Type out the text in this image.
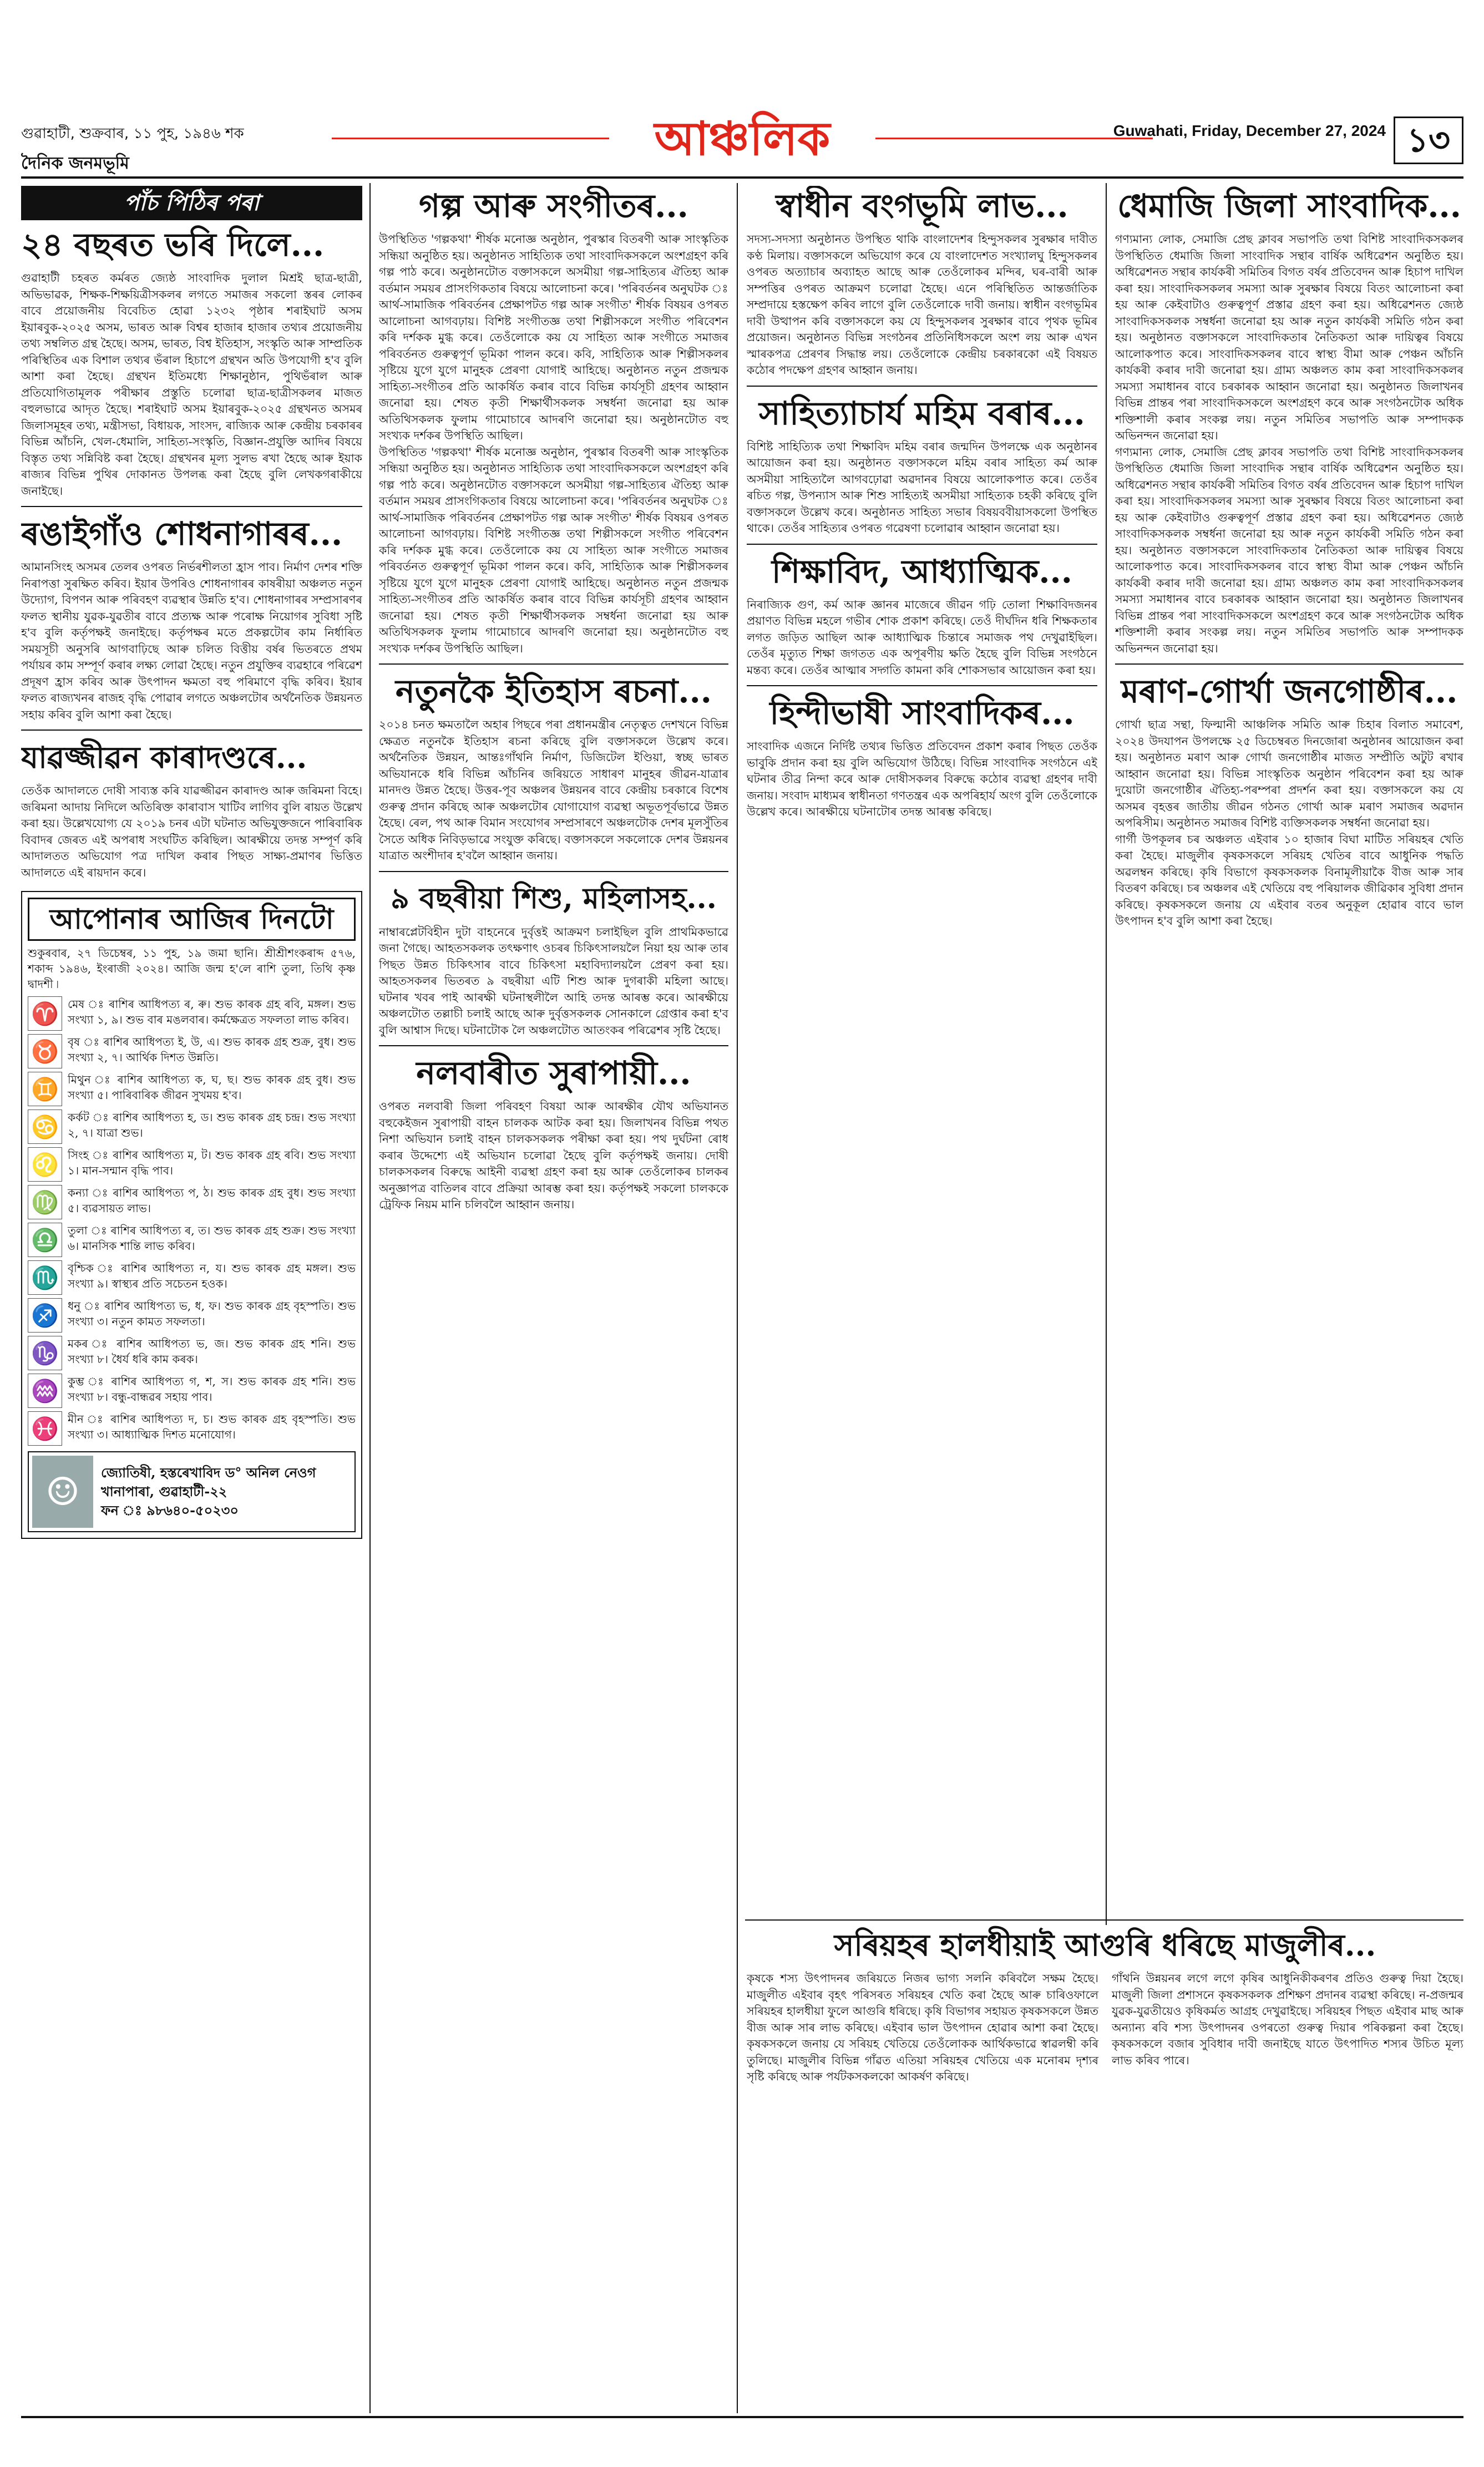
গুৱাহাটী, শুক্ৰবাৰ, ১১ পুহ, ১৯৪৬ শক
দৈনিক জনমভূমি	আঞ্চলিক	Guwahati, Friday, December 27, 2024 ১৩
পাঁচ পিঠিৰ পৰা
২৪ বছৰত ভৰি দিলে...

গুৱাহাটী চহৰত কৰ্মৰত জ্যেষ্ঠ সাংবাদিক দুলাল মিশ্ৰই ছাত্ৰ-ছাত্ৰী, অভিভাৱক, শিক্ষক-শিক্ষয়িত্ৰীসকলৰ লগতে সমাজৰ সকলো স্তৰৰ লোকৰ বাবে প্ৰয়োজনীয় বিবেচিত হোৱা ১২৩২ পৃষ্ঠাৰ শৰাইঘাট অসম ইয়াৰবুক-২০২৫ অসম, ভাৰত আৰু বিশ্বৰ হাজাৰ হাজাৰ তথ্যৰ প্ৰয়োজনীয় তথ্য সম্বলিত গ্ৰন্থ হৈছে। অসম, ভাৰত, বিশ্ব ইতিহাস, সংস্কৃতি আৰু সাম্প্ৰতিক পৰিস্থিতিৰ এক বিশাল তথ্যৰ ভঁৰাল হিচাপে গ্ৰন্থখন অতি উপযোগী হ'ব বুলি আশা কৰা হৈছে। গ্ৰন্থখন ইতিমধ্যে শিক্ষানুষ্ঠান, পুথিভঁৰাল আৰু প্ৰতিযোগিতামূলক পৰীক্ষাৰ প্ৰস্তুতি চলোৱা ছাত্ৰ-ছাত্ৰীসকলৰ মাজত বহুলভাৱে আদৃত হৈছে। শৰাইঘাট অসম ইয়াৰবুক-২০২৫ গ্ৰন্থখনত অসমৰ জিলাসমূহৰ তথ্য, মন্ত্ৰীসভা, বিধায়ক, সাংসদ, ৰাজ্যিক আৰু কেন্দ্ৰীয় চৰকাৰৰ বিভিন্ন আঁচনি, খেল-ধেমালি, সাহিত্য-সংস্কৃতি, বিজ্ঞান-প্ৰযুক্তি আদিৰ বিষয়ে বিস্তৃত তথ্য সন্নিবিষ্ট কৰা হৈছে। গ্ৰন্থখনৰ মূল্য সুলভ ৰখা হৈছে আৰু ইয়াক ৰাজ্যৰ বিভিন্ন পুথিৰ দোকানত উপলব্ধ কৰা হৈছে বুলি লেখকগৰাকীয়ে জনাইছে।

ৰঙাইগাঁও শোধনাগাৰৰ...

আমানসিংহ অসমৰ তেলৰ ওপৰত নিৰ্ভৰশীলতা হ্ৰাস পাব। নিৰ্মাণ দেশৰ শক্তি নিৰাপত্তা সুৰক্ষিত কৰিব। ইয়াৰ উপৰিও শোধনাগাৰৰ কাষৰীয়া অঞ্চলত নতুন উদ্যোগ, বিপণন আৰু পৰিবহণ ব্যৱস্থাৰ উন্নতি হ'ব। শোধনাগাৰৰ সম্প্ৰসাৰণৰ ফলত স্থানীয় যুৱক-যুৱতীৰ বাবে প্ৰত্যক্ষ আৰু পৰোক্ষ নিয়োগৰ সুবিধা সৃষ্টি হ'ব বুলি কৰ্তৃপক্ষই জনাইছে। কৰ্তৃপক্ষৰ মতে প্ৰকল্পটোৰ কাম নিৰ্ধাৰিত সময়সূচী অনুসৰি আগবাঢ়িছে আৰু চলিত বিত্তীয় বৰ্ষৰ ভিতৰতে প্ৰথম পৰ্যায়ৰ কাম সম্পূৰ্ণ কৰাৰ লক্ষ্য লোৱা হৈছে। নতুন প্ৰযুক্তিৰ ব্যৱহাৰে পৰিৱেশ প্ৰদূষণ হ্ৰাস কৰিব আৰু উৎপাদন ক্ষমতা বহু পৰিমাণে বৃদ্ধি কৰিব। ইয়াৰ ফলত ৰাজ্যখনৰ ৰাজহ বৃদ্ধি পোৱাৰ লগতে অঞ্চলটোৰ অৰ্থনৈতিক উন্নয়নত সহায় কৰিব বুলি আশা কৰা হৈছে।

যাৱজ্জীৱন কাৰাদণ্ডৰে...

তেওঁক আদালতে দোষী সাব্যস্ত কৰি যাৱজ্জীৱন কাৰাদণ্ড আৰু জৰিমনা বিহে। জৰিমনা আদায় নিদিলে অতিৰিক্ত কাৰাবাস খাটিব লাগিব বুলি ৰায়ত উল্লেখ কৰা হয়। উল্লেখযোগ্য যে ২০১৯ চনৰ এটা ঘটনাত অভিযুক্তজনে পাৰিবাৰিক বিবাদৰ জেৰত এই অপৰাধ সংঘটিত কৰিছিল। আৰক্ষীয়ে তদন্ত সম্পূৰ্ণ কৰি আদালতত অভিযোগ পত্ৰ দাখিল কৰাৰ পিছত সাক্ষ্য-প্ৰমাণৰ ভিত্তিত আদালতে এই ৰায়দান কৰে।

আপোনাৰ আজিৰ দিনটো

শুকুৰবাৰ, ২৭ ডিচেম্বৰ, ১১ পুহ, ১৯ জমা ছানি। শ্ৰীশ্ৰীশংকৰাব্দ ৫৭৬, শকাব্দ ১৯৪৬, ইংৰাজী ২০২৪। আজি জন্ম হ'লে ৰাশি তুলা, তিথি কৃষ্ণ দ্বাদশী ৷

♈ মেষ ঃ ৰাশিৰ আধিপত্য ৰ, ৰু। শুভ কাৰক গ্ৰহ ৰবি, মঙ্গল। শুভ সংখ্যা ১, ৯। শুভ বাৰ মঙলবাৰ। কৰ্মক্ষেত্ৰত সফলতা লাভ কৰিব।

♉ বৃষ ঃ ৰাশিৰ আধিপত্য ই, উ, এ। শুভ কাৰক গ্ৰহ শুক্ৰ, বুধ। শুভ সংখ্যা ২, ৭। আৰ্থিক দিশত উন্নতি।

♊ মিথুন ঃ ৰাশিৰ আধিপত্য ক, ঘ, ছ। শুভ কাৰক গ্ৰহ বুধ। শুভ সংখ্যা ৫। পাৰিবাৰিক জীৱন সুখময় হ'ব।

♋ কৰ্কট ঃ ৰাশিৰ আধিপত্য হ, ড। শুভ কাৰক গ্ৰহ চন্দ্ৰ। শুভ সংখ্যা ২, ৭। যাত্ৰা শুভ।

♌ সিংহ ঃ ৰাশিৰ আধিপত্য ম, ট। শুভ কাৰক গ্ৰহ ৰবি। শুভ সংখ্যা ১। মান-সন্মান বৃদ্ধি পাব।

♍ কন্যা ঃ ৰাশিৰ আধিপত্য প, ঠ। শুভ কাৰক গ্ৰহ বুধ। শুভ সংখ্যা ৫। ব্যৱসায়ত লাভ।

♎ তুলা ঃ ৰাশিৰ আধিপত্য ৰ, ত। শুভ কাৰক গ্ৰহ শুক্ৰ। শুভ সংখ্যা ৬। মানসিক শান্তি লাভ কৰিব।

♏ বৃশ্চিক ঃ ৰাশিৰ আধিপত্য ন, য। শুভ কাৰক গ্ৰহ মঙ্গল। শুভ সংখ্যা ৯। স্বাস্থ্যৰ প্ৰতি সচেতন হওক।

♐ ধনু ঃ ৰাশিৰ আধিপত্য ভ, ধ, ফ। শুভ কাৰক গ্ৰহ বৃহস্পতি। শুভ সংখ্যা ৩। নতুন কামত সফলতা।

♑ মকৰ ঃ ৰাশিৰ আধিপত্য ভ, জ। শুভ কাৰক গ্ৰহ শনি। শুভ সংখ্যা ৮। ধৈৰ্য ধৰি কাম কৰক।

♒ কুম্ভ ঃ ৰাশিৰ আধিপত্য গ, শ, স। শুভ কাৰক গ্ৰহ শনি। শুভ সংখ্যা ৮। বন্ধু-বান্ধৱৰ সহায় পাব।

♓ মীন ঃ ৰাশিৰ আধিপত্য দ, চ। শুভ কাৰক গ্ৰহ বৃহস্পতি। শুভ সংখ্যা ৩। আধ্যাত্মিক দিশত মনোযোগ।

☺	জ্যোতিষী, হস্তৰেখাবিদ ড° অনিল নেওগ
খানাপাৰা, গুৱাহাটী-২২
ফন ঃ ৯৮৬৪০-৫০২৩০
গল্প আৰু সংগীতৰ...

উপস্থিতিত 'গল্পকথা' শীৰ্ষক মনোজ্ঞ অনুষ্ঠান, পুৰস্কাৰ বিতৰণী আৰু সাংস্কৃতিক সন্ধিয়া অনুষ্ঠিত হয়। অনুষ্ঠানত সাহিত্যিক তথা সাংবাদিকসকলে অংশগ্ৰহণ কৰি গল্প পাঠ কৰে। অনুষ্ঠানটোত বক্তাসকলে অসমীয়া গল্প-সাহিত্যৰ ঐতিহ্য আৰু বৰ্তমান সময়ৰ প্ৰাসংগিকতাৰ বিষয়ে আলোচনা কৰে। 'পৰিবৰ্তনৰ অনুঘটক ঃ আৰ্থ-সামাজিক পৰিবৰ্তনৰ প্ৰেক্ষাপটত গল্প আৰু সংগীত' শীৰ্ষক বিষয়ৰ ওপৰত আলোচনা আগবঢ়ায়। বিশিষ্ট সংগীতজ্ঞ তথা শিল্পীসকলে সংগীত পৰিবেশন কৰি দৰ্শকক মুগ্ধ কৰে। তেওঁলোকে কয় যে সাহিত্য আৰু সংগীতে সমাজৰ পৰিবৰ্তনত গুৰুত্বপূৰ্ণ ভূমিকা পালন কৰে। কবি, সাহিত্যিক আৰু শিল্পীসকলৰ সৃষ্টিয়ে যুগে যুগে মানুহক প্ৰেৰণা যোগাই আহিছে। অনুষ্ঠানত নতুন প্ৰজন্মক সাহিত্য-সংগীতৰ প্ৰতি আকৰ্ষিত কৰাৰ বাবে বিভিন্ন কাৰ্যসূচী গ্ৰহণৰ আহ্বান জনোৱা হয়। শেষত কৃতী শিক্ষাৰ্থীসকলক সম্বৰ্ধনা জনোৱা হয় আৰু অতিথিসকলক ফুলাম গামোচাৰে আদৰণি জনোৱা হয়। অনুষ্ঠানটোত বহু সংখ্যক দৰ্শকৰ উপস্থিতি আছিল।

উপস্থিতিত 'গল্পকথা' শীৰ্ষক মনোজ্ঞ অনুষ্ঠান, পুৰস্কাৰ বিতৰণী আৰু সাংস্কৃতিক সন্ধিয়া অনুষ্ঠিত হয়। অনুষ্ঠানত সাহিত্যিক তথা সাংবাদিকসকলে অংশগ্ৰহণ কৰি গল্প পাঠ কৰে। অনুষ্ঠানটোত বক্তাসকলে অসমীয়া গল্প-সাহিত্যৰ ঐতিহ্য আৰু বৰ্তমান সময়ৰ প্ৰাসংগিকতাৰ বিষয়ে আলোচনা কৰে। 'পৰিবৰ্তনৰ অনুঘটক ঃ আৰ্থ-সামাজিক পৰিবৰ্তনৰ প্ৰেক্ষাপটত গল্প আৰু সংগীত' শীৰ্ষক বিষয়ৰ ওপৰত আলোচনা আগবঢ়ায়। বিশিষ্ট সংগীতজ্ঞ তথা শিল্পীসকলে সংগীত পৰিবেশন কৰি দৰ্শকক মুগ্ধ কৰে। তেওঁলোকে কয় যে সাহিত্য আৰু সংগীতে সমাজৰ পৰিবৰ্তনত গুৰুত্বপূৰ্ণ ভূমিকা পালন কৰে। কবি, সাহিত্যিক আৰু শিল্পীসকলৰ সৃষ্টিয়ে যুগে যুগে মানুহক প্ৰেৰণা যোগাই আহিছে। অনুষ্ঠানত নতুন প্ৰজন্মক সাহিত্য-সংগীতৰ প্ৰতি আকৰ্ষিত কৰাৰ বাবে বিভিন্ন কাৰ্যসূচী গ্ৰহণৰ আহ্বান জনোৱা হয়। শেষত কৃতী শিক্ষাৰ্থীসকলক সম্বৰ্ধনা জনোৱা হয় আৰু অতিথিসকলক ফুলাম গামোচাৰে আদৰণি জনোৱা হয়। অনুষ্ঠানটোত বহু সংখ্যক দৰ্শকৰ উপস্থিতি আছিল।

নতুনকৈ ইতিহাস ৰচনা...

২০১৪ চনত ক্ষমতালৈ অহাৰ পিছৰে পৰা প্ৰধানমন্ত্ৰীৰ নেতৃত্বত দেশখনে বিভিন্ন ক্ষেত্ৰত নতুনকৈ ইতিহাস ৰচনা কৰিছে বুলি বক্তাসকলে উল্লেখ কৰে। অৰ্থনৈতিক উন্নয়ন, আন্তঃগাঁথনি নিৰ্মাণ, ডিজিটেল ইণ্ডিয়া, স্বচ্ছ ভাৰত অভিযানকে ধৰি বিভিন্ন আঁচনিৰ জৰিয়তে সাধাৰণ মানুহৰ জীৱন-যাত্ৰাৰ মানদণ্ড উন্নত হৈছে। উত্তৰ-পূব অঞ্চলৰ উন্নয়নৰ বাবে কেন্দ্ৰীয় চৰকাৰে বিশেষ গুৰুত্ব প্ৰদান কৰিছে আৰু অঞ্চলটোৰ যোগাযোগ ব্যৱস্থা অভূতপূৰ্বভাৱে উন্নত হৈছে। ৰেল, পথ আৰু বিমান সংযোগৰ সম্প্ৰসাৰণে অঞ্চলটোক দেশৰ মূলসুঁতিৰ সৈতে অধিক নিবিড়ভাৱে সংযুক্ত কৰিছে। বক্তাসকলে সকলোকে দেশৰ উন্নয়নৰ যাত্ৰাত অংশীদাৰ হ'বলৈ আহ্বান জনায়।

৯ বছৰীয়া শিশু, মহিলাসহ...

নাম্বাৰপ্লেটবিহীন দুটা বাহনেৰে দুৰ্বৃত্তই আক্ৰমণ চলাইছিল বুলি প্ৰাথমিকভাৱে জনা গৈছে। আহতসকলক তৎক্ষণাৎ ওচৰৰ চিকিৎসালয়লৈ নিয়া হয় আৰু তাৰ পিছত উন্নত চিকিৎসাৰ বাবে চিকিৎসা মহাবিদ্যালয়লৈ প্ৰেৰণ কৰা হয়। আহতসকলৰ ভিতৰত ৯ বছৰীয়া এটি শিশু আৰু দুগৰাকী মহিলা আছে। ঘটনাৰ খবৰ পাই আৰক্ষী ঘটনাস্থলীলৈ আহি তদন্ত আৰম্ভ কৰে। আৰক্ষীয়ে অঞ্চলটোত তল্লাচী চলাই আছে আৰু দুৰ্বৃত্তসকলক সোনকালে গ্ৰেপ্তাৰ কৰা হ'ব বুলি আশ্বাস দিছে। ঘটনাটোক লৈ অঞ্চলটোত আতংকৰ পৰিৱেশৰ সৃষ্টি হৈছে।

নলবাৰীত সুৰাপায়ী...

ওপৰত নলবাৰী জিলা পৰিবহণ বিষয়া আৰু আৰক্ষীৰ যৌথ অভিযানত বহুকেইজন সুৰাপায়ী বাহন চালকক আটক কৰা হয়। জিলাখনৰ বিভিন্ন পথত নিশা অভিযান চলাই বাহন চালকসকলক পৰীক্ষা কৰা হয়। পথ দুৰ্ঘটনা ৰোধ কৰাৰ উদ্দেশ্যে এই অভিযান চলোৱা হৈছে বুলি কৰ্তৃপক্ষই জনায়। দোষী চালকসকলৰ বিৰুদ্ধে আইনী ব্যৱস্থা গ্ৰহণ কৰা হয় আৰু তেওঁলোকৰ চালকৰ অনুজ্ঞাপত্ৰ বাতিলৰ বাবে প্ৰক্ৰিয়া আৰম্ভ কৰা হয়। কৰ্তৃপক্ষই সকলো চালককে ট্ৰেফিক নিয়ম মানি চলিবলৈ আহ্বান জনায়।

স্বাধীন বংগভূমি লাভ...

সদস্য-সদস্যা অনুষ্ঠানত উপস্থিত থাকি বাংলাদেশৰ হিন্দুসকলৰ সুৰক্ষাৰ দাবীত কণ্ঠ মিলায়। বক্তাসকলে অভিযোগ কৰে যে বাংলাদেশত সংখ্যালঘু হিন্দুসকলৰ ওপৰত অত্যাচাৰ অব্যাহত আছে আৰু তেওঁলোকৰ মন্দিৰ, ঘৰ-বাৰী আৰু সম্পত্তিৰ ওপৰত আক্ৰমণ চলোৱা হৈছে। এনে পৰিস্থিতিত আন্তৰ্জাতিক সম্প্ৰদায়ে হস্তক্ষেপ কৰিব লাগে বুলি তেওঁলোকে দাবী জনায়। স্বাধীন বংগভূমিৰ দাবী উত্থাপন কৰি বক্তাসকলে কয় যে হিন্দুসকলৰ সুৰক্ষাৰ বাবে পৃথক ভূমিৰ প্ৰয়োজন। অনুষ্ঠানত বিভিন্ন সংগঠনৰ প্ৰতিনিধিসকলে অংশ লয় আৰু এখন স্মাৰকপত্ৰ প্ৰেৰণৰ সিদ্ধান্ত লয়। তেওঁলোকে কেন্দ্ৰীয় চৰকাৰকো এই বিষয়ত কঠোৰ পদক্ষেপ গ্ৰহণৰ আহ্বান জনায়।

সাহিত্যাচাৰ্য মহিম বৰাৰ...

বিশিষ্ট সাহিত্যিক তথা শিক্ষাবিদ মহিম বৰাৰ জন্মদিন উপলক্ষে এক অনুষ্ঠানৰ আয়োজন কৰা হয়। অনুষ্ঠানত বক্তাসকলে মহিম বৰাৰ সাহিত্য কৰ্ম আৰু অসমীয়া সাহিত্যলৈ আগবঢ়োৱা অৱদানৰ বিষয়ে আলোকপাত কৰে। তেওঁৰ ৰচিত গল্প, উপন্যাস আৰু শিশু সাহিত্যই অসমীয়া সাহিত্যক চহকী কৰিছে বুলি বক্তাসকলে উল্লেখ কৰে। অনুষ্ঠানত সাহিত্য সভাৰ বিষয়ববীয়াসকলো উপস্থিত থাকে। তেওঁৰ সাহিত্যৰ ওপৰত গৱেষণা চলোৱাৰ আহ্বান জনোৱা হয়।

শিক্ষাবিদ, আধ্যাত্মিক...

নিৰাজ্যিক গুণ, কৰ্ম আৰু জ্ঞানৰ মাজেৰে জীৱন গঢ়ি তোলা শিক্ষাবিদজনৰ প্ৰয়াণত বিভিন্ন মহলে গভীৰ শোক প্ৰকাশ কৰিছে। তেওঁ দীৰ্ঘদিন ধৰি শিক্ষকতাৰ লগত জড়িত আছিল আৰু আধ্যাত্মিক চিন্তাৰে সমাজক পথ দেখুৱাইছিল। তেওঁৰ মৃত্যুত শিক্ষা জগতত এক অপূৰণীয় ক্ষতি হৈছে বুলি বিভিন্ন সংগঠনে মন্তব্য কৰে। তেওঁৰ আত্মাৰ সদ্গতি কামনা কৰি শোকসভাৰ আয়োজন কৰা হয়।

হিন্দীভাষী সাংবাদিকৰ...

সাংবাদিক এজনে নিৰ্দিষ্ট তথ্যৰ ভিত্তিত প্ৰতিবেদন প্ৰকাশ কৰাৰ পিছত তেওঁক ভাবুকি প্ৰদান কৰা হয় বুলি অভিযোগ উঠিছে। বিভিন্ন সাংবাদিক সংগঠনে এই ঘটনাৰ তীব্ৰ নিন্দা কৰে আৰু দোষীসকলৰ বিৰুদ্ধে কঠোৰ ব্যৱস্থা গ্ৰহণৰ দাবী জনায়। সংবাদ মাধ্যমৰ স্বাধীনতা গণতন্ত্ৰৰ এক অপৰিহাৰ্য অংগ বুলি তেওঁলোকে উল্লেখ কৰে। আৰক্ষীয়ে ঘটনাটোৰ তদন্ত আৰম্ভ কৰিছে।

সৰিয়হৰ হালধীয়াই আগুৰি ধৰিছে মাজুলীৰ...

কৃষকে শস্য উৎপাদনৰ জৰিয়তে নিজৰ ভাগ্য সলনি কৰিবলৈ সক্ষম হৈছে। মাজুলীত এইবাৰ বৃহৎ পৰিসৰত সৰিয়হৰ খেতি কৰা হৈছে আৰু চাৰিওফালে সৰিয়হৰ হালধীয়া ফুলে আগুৰি ধৰিছে। কৃষি বিভাগৰ সহায়ত কৃষকসকলে উন্নত বীজ আৰু সাৰ লাভ কৰিছে। এইবাৰ ভাল উৎপাদন হোৱাৰ আশা কৰা হৈছে। কৃষকসকলে জনায় যে সৰিয়হ খেতিয়ে তেওঁলোকক আৰ্থিকভাৱে স্বাৱলম্বী কৰি তুলিছে। মাজুলীৰ বিভিন্ন গাঁৱত এতিয়া সৰিয়হৰ খেতিয়ে এক মনোৰম দৃশ্যৰ সৃষ্টি কৰিছে আৰু পৰ্যটকসকলকো আকৰ্ষণ কৰিছে।

গাঁথনি উন্নয়নৰ লগে লগে কৃষিৰ আধুনিকীকৰণৰ প্ৰতিও গুৰুত্ব দিয়া হৈছে। মাজুলী জিলা প্ৰশাসনে কৃষকসকলক প্ৰশিক্ষণ প্ৰদানৰ ব্যৱস্থা কৰিছে। ন-প্ৰজন্মৰ যুৱক-যুৱতীয়েও কৃষিকৰ্মত আগ্ৰহ দেখুৱাইছে। সৰিয়হৰ পিছত এইবাৰ মাছ আৰু অন্যান্য ৰবি শস্য উৎপাদনৰ ওপৰতো গুৰুত্ব দিয়াৰ পৰিকল্পনা কৰা হৈছে। কৃষকসকলে বজাৰ সুবিধাৰ দাবী জনাইছে যাতে উৎপাদিত শস্যৰ উচিত মূল্য লাভ কৰিব পাৰে।

ধেমাজি জিলা সাংবাদিক...

গণ্যমান্য লোক, সেমাজি প্ৰেছ ক্লাবৰ সভাপতি তথা বিশিষ্ট সাংবাদিকসকলৰ উপস্থিতিত ধেমাজি জিলা সাংবাদিক সন্থাৰ বাৰ্ষিক অধিৱেশন অনুষ্ঠিত হয়। অধিৱেশনত সন্থাৰ কাৰ্যকৰী সমিতিৰ বিগত বৰ্ষৰ প্ৰতিবেদন আৰু হিচাপ দাখিল কৰা হয়। সাংবাদিকসকলৰ সমস্যা আৰু সুৰক্ষাৰ বিষয়ে বিতং আলোচনা কৰা হয় আৰু কেইবাটাও গুৰুত্বপূৰ্ণ প্ৰস্তাৱ গ্ৰহণ কৰা হয়। অধিৱেশনত জ্যেষ্ঠ সাংবাদিকসকলক সম্বৰ্ধনা জনোৱা হয় আৰু নতুন কাৰ্যকৰী সমিতি গঠন কৰা হয়। অনুষ্ঠানত বক্তাসকলে সাংবাদিকতাৰ নৈতিকতা আৰু দায়িত্বৰ বিষয়ে আলোকপাত কৰে। সাংবাদিকসকলৰ বাবে স্বাস্থ্য বীমা আৰু পেঞ্চন আঁচনি কাৰ্যকৰী কৰাৰ দাবী জনোৱা হয়। গ্ৰাম্য অঞ্চলত কাম কৰা সাংবাদিকসকলৰ সমস্যা সমাধানৰ বাবে চৰকাৰক আহ্বান জনোৱা হয়। অনুষ্ঠানত জিলাখনৰ বিভিন্ন প্ৰান্তৰ পৰা সাংবাদিকসকলে অংশগ্ৰহণ কৰে আৰু সংগঠনটোক অধিক শক্তিশালী কৰাৰ সংকল্প লয়। নতুন সমিতিৰ সভাপতি আৰু সম্পাদকক অভিনন্দন জনোৱা হয়।

গণ্যমান্য লোক, সেমাজি প্ৰেছ ক্লাবৰ সভাপতি তথা বিশিষ্ট সাংবাদিকসকলৰ উপস্থিতিত ধেমাজি জিলা সাংবাদিক সন্থাৰ বাৰ্ষিক অধিৱেশন অনুষ্ঠিত হয়। অধিৱেশনত সন্থাৰ কাৰ্যকৰী সমিতিৰ বিগত বৰ্ষৰ প্ৰতিবেদন আৰু হিচাপ দাখিল কৰা হয়। সাংবাদিকসকলৰ সমস্যা আৰু সুৰক্ষাৰ বিষয়ে বিতং আলোচনা কৰা হয় আৰু কেইবাটাও গুৰুত্বপূৰ্ণ প্ৰস্তাৱ গ্ৰহণ কৰা হয়। অধিৱেশনত জ্যেষ্ঠ সাংবাদিকসকলক সম্বৰ্ধনা জনোৱা হয় আৰু নতুন কাৰ্যকৰী সমিতি গঠন কৰা হয়। অনুষ্ঠানত বক্তাসকলে সাংবাদিকতাৰ নৈতিকতা আৰু দায়িত্বৰ বিষয়ে আলোকপাত কৰে। সাংবাদিকসকলৰ বাবে স্বাস্থ্য বীমা আৰু পেঞ্চন আঁচনি কাৰ্যকৰী কৰাৰ দাবী জনোৱা হয়। গ্ৰাম্য অঞ্চলত কাম কৰা সাংবাদিকসকলৰ সমস্যা সমাধানৰ বাবে চৰকাৰক আহ্বান জনোৱা হয়। অনুষ্ঠানত জিলাখনৰ বিভিন্ন প্ৰান্তৰ পৰা সাংবাদিকসকলে অংশগ্ৰহণ কৰে আৰু সংগঠনটোক অধিক শক্তিশালী কৰাৰ সংকল্প লয়। নতুন সমিতিৰ সভাপতি আৰু সম্পাদকক অভিনন্দন জনোৱা হয়।

মৰাণ-গোৰ্খা জনগোষ্ঠীৰ...

গোৰ্খা ছাত্ৰ সন্থা, ফিল্মানী আঞ্চলিক সমিতি আৰু চিহাৰ বিলাত সমাবেশ, ২০২৪ উদযাপন উপলক্ষে ২৫ ডিচেম্বৰত দিনজোৰা অনুষ্ঠানৰ আয়োজন কৰা হয়। অনুষ্ঠানত মৰাণ আৰু গোৰ্খা জনগোষ্ঠীৰ মাজত সম্প্ৰীতি অটুট ৰখাৰ আহ্বান জনোৱা হয়। বিভিন্ন সাংস্কৃতিক অনুষ্ঠান পৰিবেশন কৰা হয় আৰু দুয়োটা জনগোষ্ঠীৰ ঐতিহ্য-পৰম্পৰা প্ৰদৰ্শন কৰা হয়। বক্তাসকলে কয় যে অসমৰ বৃহত্তৰ জাতীয় জীৱন গঠনত গোৰ্খা আৰু মৰাণ সমাজৰ অৱদান অপৰিসীম। অনুষ্ঠানত সমাজৰ বিশিষ্ট ব্যক্তিসকলক সম্বৰ্ধনা জনোৱা হয়।

গাৰ্গী উপকূলৰ চৰ অঞ্চলত এইবাৰ ১০ হাজাৰ বিঘা মাটিত সৰিয়হৰ খেতি কৰা হৈছে। মাজুলীৰ কৃষকসকলে সৰিয়হ খেতিৰ বাবে আধুনিক পদ্ধতি অৱলম্বন কৰিছে। কৃষি বিভাগে কৃষকসকলক বিনামূলীয়াকৈ বীজ আৰু সাৰ বিতৰণ কৰিছে। চৰ অঞ্চলৰ এই খেতিয়ে বহু পৰিয়ালক জীৱিকাৰ সুবিধা প্ৰদান কৰিছে। কৃষকসকলে জনায় যে এইবাৰ বতৰ অনুকূল হোৱাৰ বাবে ভাল উৎপাদন হ'ব বুলি আশা কৰা হৈছে।
